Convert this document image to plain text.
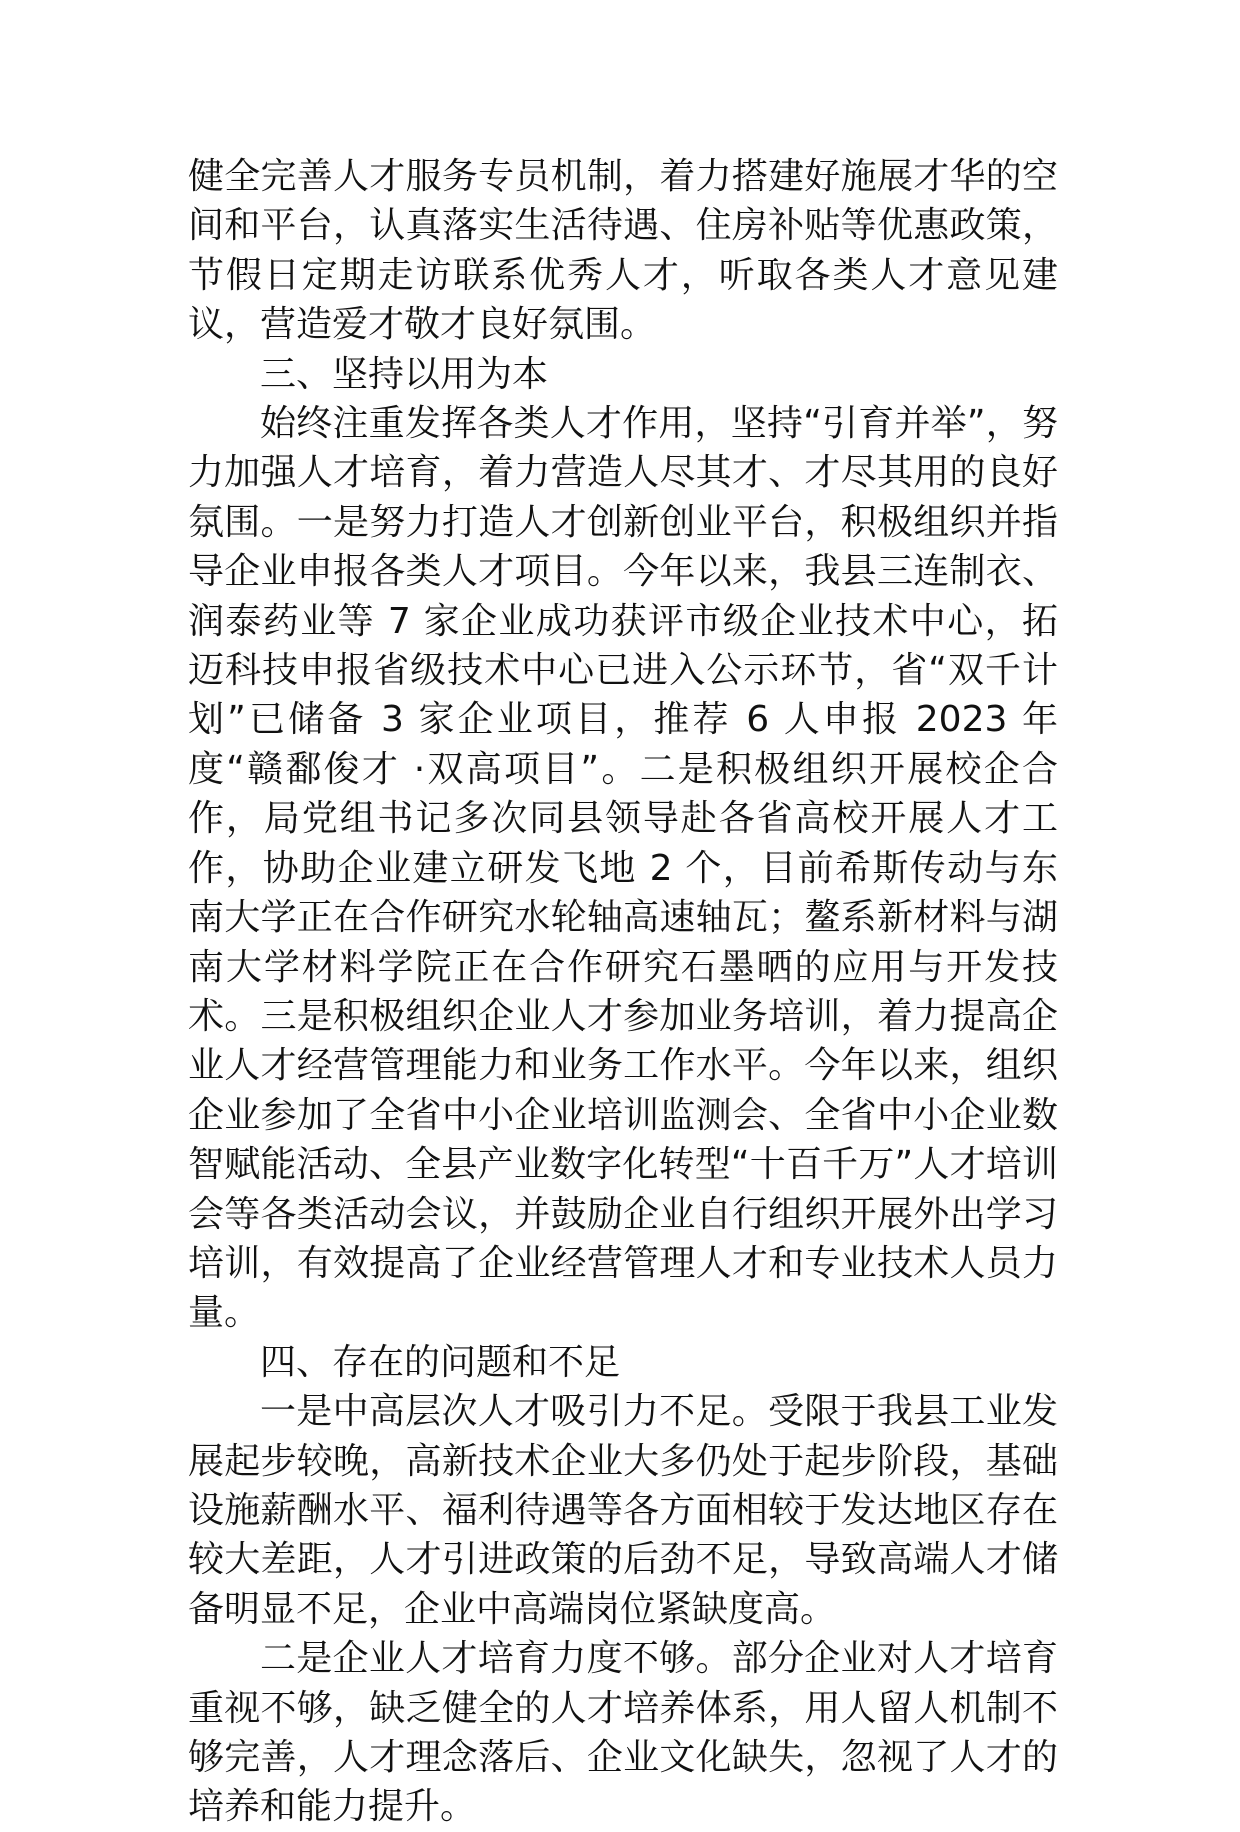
健全完善人才服务专员机制，着力搭建好施展才华的空间和平台，认真落实生活待遇、住房补贴等优惠政策，节假日定期走访联系优秀人才，听取各类人才意见建议，营造爱才敬才良好氛围。

三、坚持以用为本

始终注重发挥各类人才作用，坚持“引育并举”，努力加强人才培育，着力营造人尽其才、才尽其用的良好氛围。一是努力打造人才创新创业平台，积极组织并指导企业申报各类人才项目。今年以来，我县三连制衣、润泰药业等 7 家企业成功获评市级企业技术中心，拓迈科技申报省级技术中心已进入公示环节，省“双千计划”已储备 3 家企业项目，推荐 6 人申报 2023 年度“赣鄱俊才 ·双高项目”。二是积极组织开展校企合作，局党组书记多次同县领导赴各省高校开展人才工作，协助企业建立研发飞地 2 个，目前希斯传动与东南大学正在合作研究水轮轴高速轴瓦；鳌系新材料与湖南大学材料学院正在合作研究石墨晒的应用与开发技术。三是积极组织企业人才参加业务培训，着力提高企业人才经营管理能力和业务工作水平。今年以来，组织企业参加了全省中小企业培训监测会、全省中小企业数智赋能活动、全县产业数字化转型“十百千万”人才培训会等各类活动会议，并鼓励企业自行组织开展外出学习培训，有效提高了企业经营管理人才和专业技术人员力量。

四、存在的问题和不足

一是中高层次人才吸引力不足。受限于我县工业发展起步较晚，高新技术企业大多仍处于起步阶段，基础设施薪酬水平、福利待遇等各方面相较于发达地区存在较大差距，人才引进政策的后劲不足，导致高端人才储备明显不足，企业中高端岗位紧缺度高。

二是企业人才培育力度不够。部分企业对人才培育重视不够，缺乏健全的人才培养体系，用人留人机制不够完善，人才理念落后、企业文化缺失，忽视了人才的培养和能力提升。
